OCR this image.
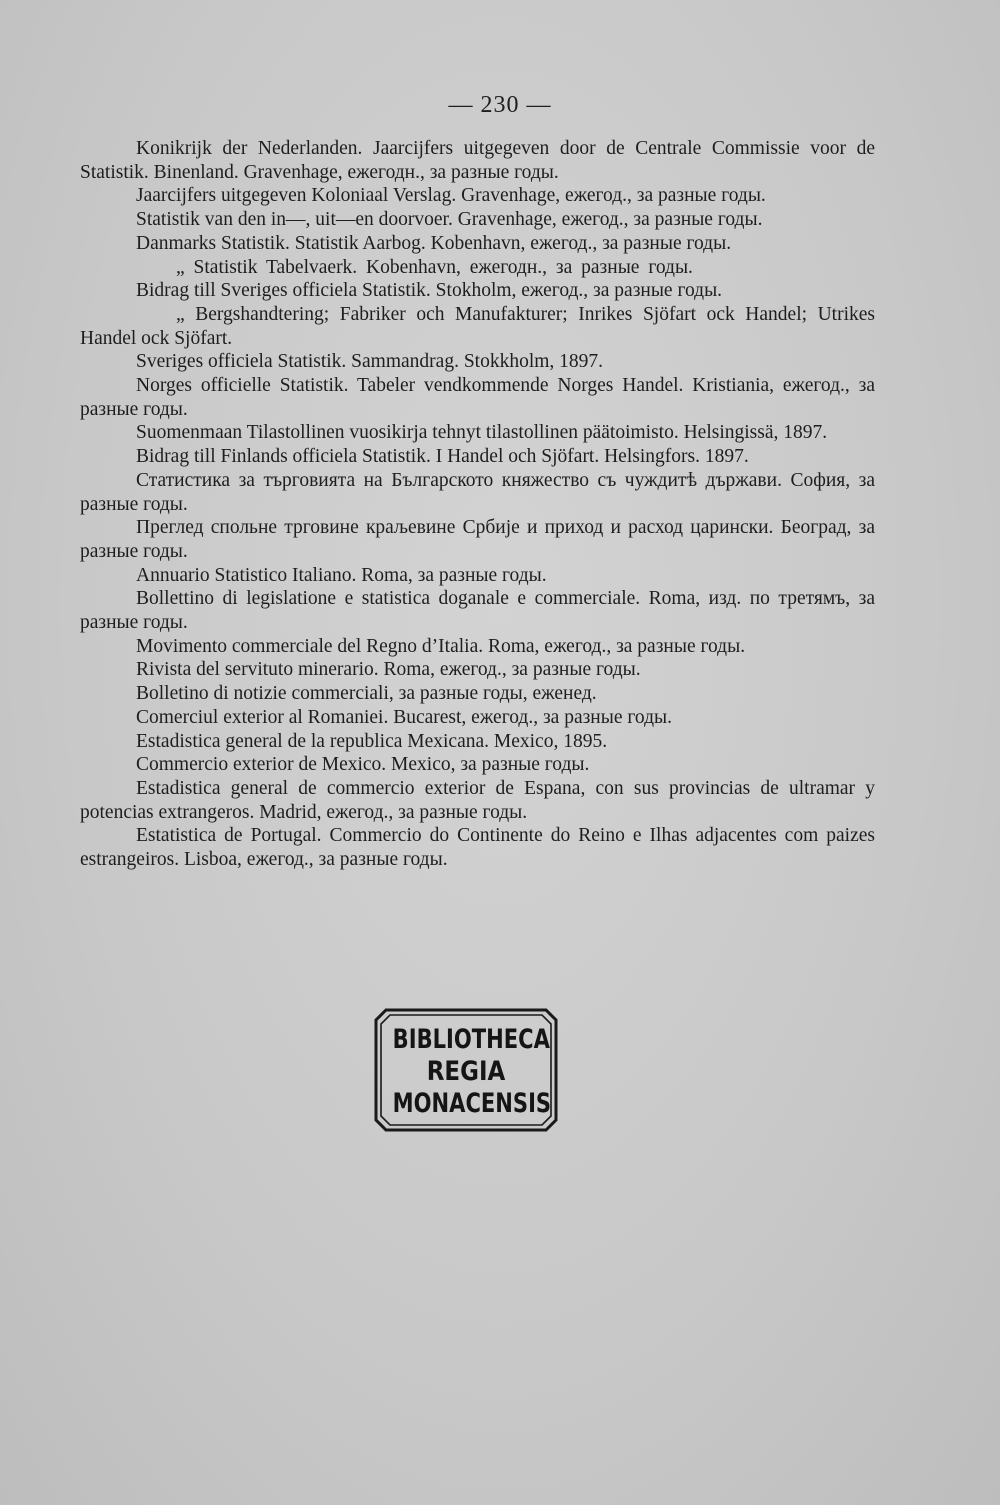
— 230 —
Konikrijk der Nederlanden. Jaarcijfers uitgegeven door de Centrale Commissie voor de Statistik. Binenland. Gravenhage, ежегодн., за разные годы.
Jaarcijfers uitgegeven Koloniaal Verslag. Gravenhage, ежегод., за разные годы.
Statistik van den in—, uit—en doorvoer. Gravenhage, ежегод., за разные годы.
Danmarks Statistik. Statistik Aarbog. Kobenhavn, ежегод., за разные годы.
„ Statistik Tabelvaerk. Kobenhavn, ежегодн., за разные годы.
Bidrag till Sveriges officiela Statistik. Stokholm, ежегод., за разные годы.
„ Bergshandtering; Fabriker och Manufakturer; Inrikes Sjöfart ock Handel; Utrikes Handel ock Sjöfart.
Sveriges officiela Statistik. Sammandrag. Stokkholm, 1897.
Norges officielle Statistik. Tabeler vendkommende Norges Handel. Kristiania, ежегод., за разные годы.
Suomenmaan Tilastollinen vuosikirja tehnyt tilastollinen päätoimisto. Helsingissä, 1897.
Bidrag till Finlands officiela Statistik. I Handel och Sjöfart. Helsingfors. 1897.
Статистика за търговията на Българското княжество съ чуждитѣ държави. София, за разные годы.
Преглед спольне трговине краљевине Србије и приход и расход царински. Београд, за разные годы.
Annuario Statistico Italiano. Roma, за разные годы.
Bollettino di legislatione e statistica doganale e commerciale. Roma, изд. по третямъ, за разные годы.
Movimento commerciale del Regno d’Italia. Roma, ежегод., за разные годы.
Rivista del servituto minerario. Roma, ежегод., за разные годы.
Bolletino di notizie commerciali, за разные годы, еженед.
Comerciul exterior al Romaniei. Bucarest, ежегод., за разные годы.
Estadistica general de la republica Mexicana. Mexico, 1895.
Commercio exterior de Mexico. Mexico, за разные годы.
Estadistica general de commercio exterior de Espana, con sus provincias de ultramar y potencias extrangeros. Madrid, ежегод., за разные годы.
Estatistica de Portugal. Commercio do Continente do Reino e Ilhas adjacentes com paizes estrangeiros. Lisboa, ежегод., за разные годы.
BIBLIOTHECA
REGIA
MONACENSIS
